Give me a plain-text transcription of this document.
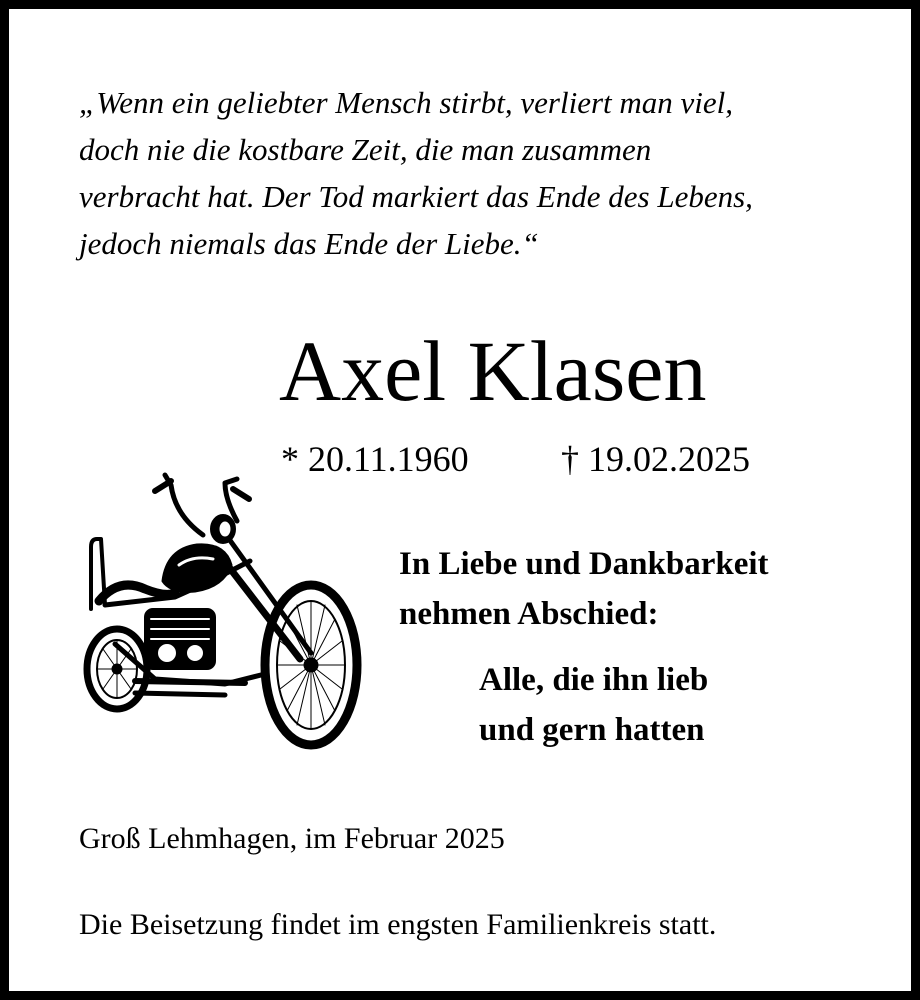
„Wenn ein geliebter Mensch stirbt, verliert man viel,
doch nie die kostbare Zeit, die man zusammen
verbracht hat. Der Tod markiert das Ende des Lebens,
jedoch niemals das Ende der Liebe.“

Axel Klasen
* 20.11.1960	† 19.02.2025
In Liebe und Dankbarkeit
nehmen Abschied:
Alle, die ihn lieb
und gern hatten
Groß Lehmhagen, im Februar 2025
Die Beisetzung findet im engsten Familienkreis statt.
